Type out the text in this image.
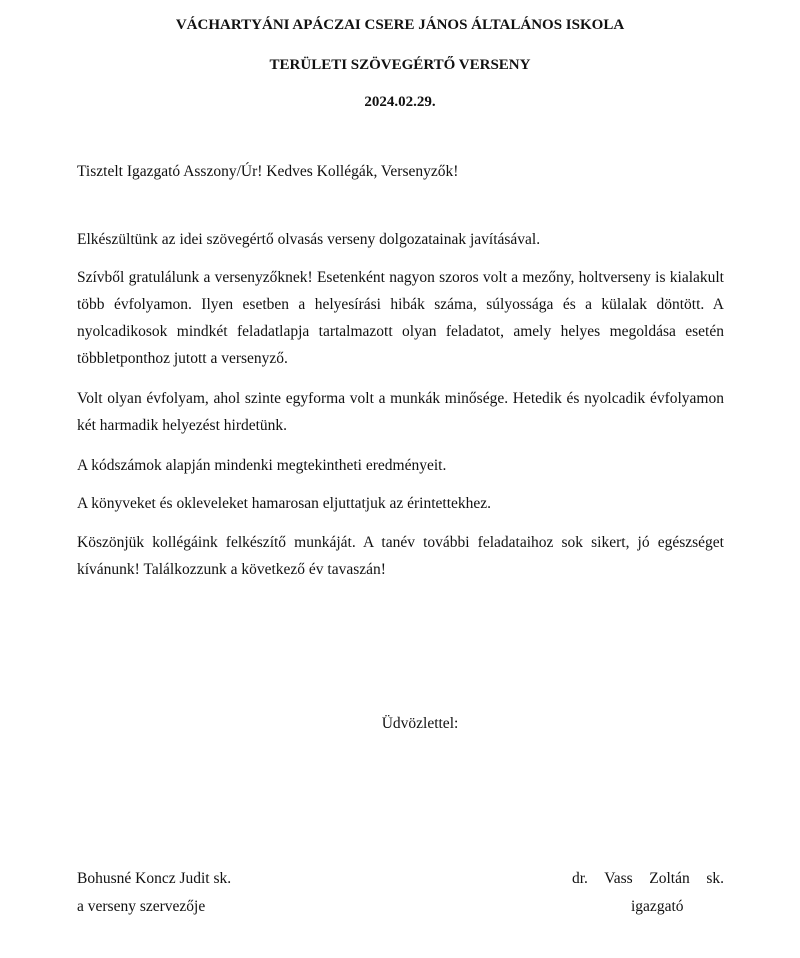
VÁCHARTYÁNI APÁCZAI CSERE JÁNOS ÁLTALÁNOS ISKOLA
TERÜLETI SZÖVEGÉRTŐ VERSENY
2024.02.29.

Tisztelt Igazgató Asszony/Úr! Kedves Kollégák, Versenyzők!

Elkészültünk az idei szövegértő olvasás verseny dolgozatainak javításával.

Szívből gratulálunk a versenyzőknek! Esetenként nagyon szoros volt a mezőny, holtverseny is kialakult több évfolyamon. Ilyen esetben a helyesírási hibák száma, súlyossága és a külalak döntött. A nyolcadikosok mindkét feladatlapja tartalmazott olyan feladatot, amely helyes megoldása esetén többletponthoz jutott a versenyző.

Volt olyan évfolyam, ahol szinte egyforma volt a munkák minősége. Hetedik és nyolcadik évfolyamon két harmadik helyezést hirdetünk.

A kódszámok alapján mindenki megtekintheti eredményeit.

A könyveket és okleveleket hamarosan eljuttatjuk az érintettekhez.

Köszönjük kollégáink felkészítő munkáját. A tanév további feladataihoz sok sikert, jó egészséget kívánunk! Találkozzunk a következő év tavaszán!

Üdvözlettel:
Bohusné Koncz Judit sk.
a verseny szervezője
dr. Vass Zoltán sk.
igazgató
